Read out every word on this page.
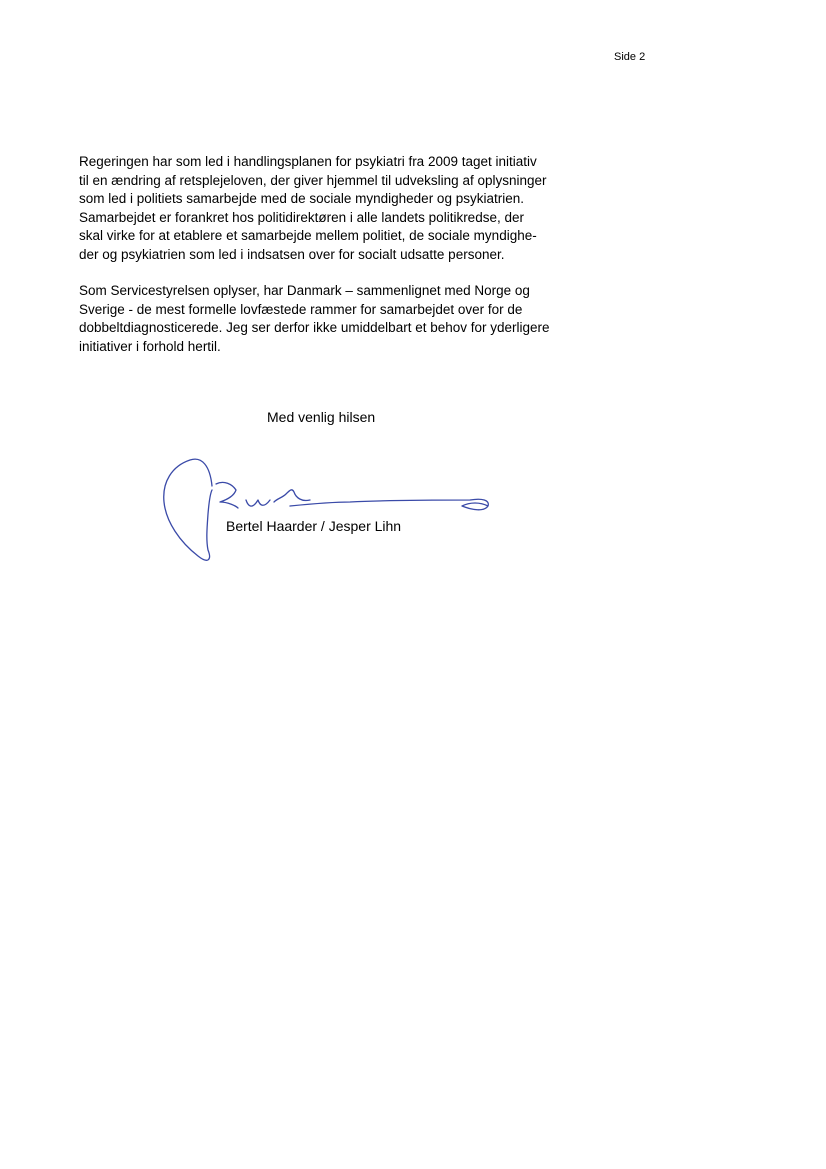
Side 2

Regeringen har som led i handlingsplanen for psykiatri fra 2009 taget initiativ
til en ændring af retsplejeloven, der giver hjemmel til udveksling af oplysninger
som led i politiets samarbejde med de sociale myndigheder og psykiatrien.
Samarbejdet er forankret hos politidirektøren i alle landets politikredse, der
skal virke for at etablere et samarbejde mellem politiet, de sociale myndighe-
der og psykiatrien som led i indsatsen over for socialt udsatte personer.

Som Servicestyrelsen oplyser, har Danmark – sammenlignet med Norge og
Sverige - de mest formelle lovfæstede rammer for samarbejdet over for de
dobbeltdiagnosticerede. Jeg ser derfor ikke umiddelbart et behov for yderligere
initiativer i forhold hertil.

Med venlig hilsen
Bertel Haarder / Jesper Lihn
